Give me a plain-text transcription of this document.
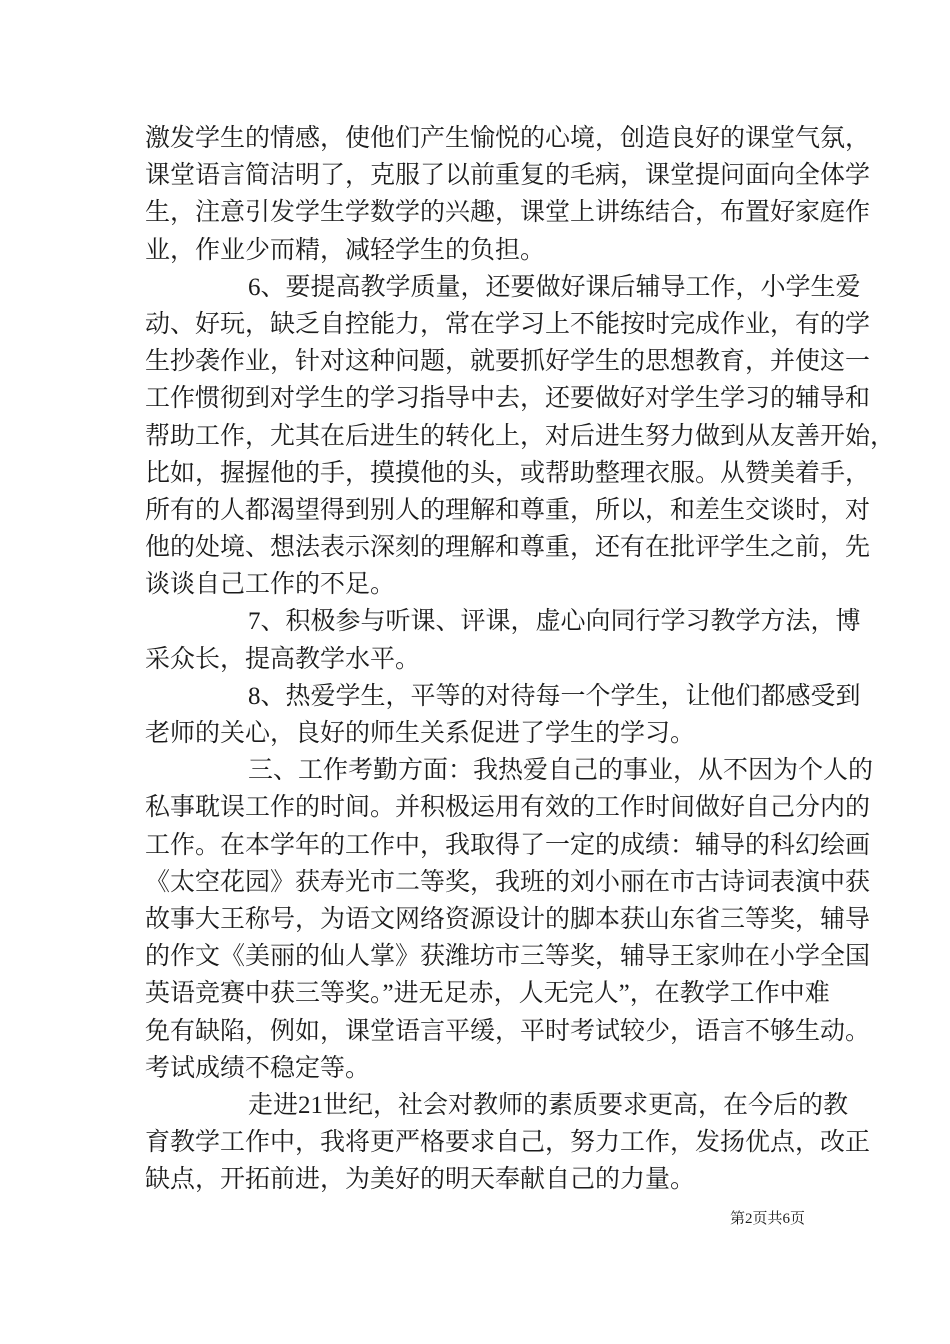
激发学生的情感，使他们产生愉悦的心境，创造良好的课堂气氛，
课堂语言简洁明了，克服了以前重复的毛病，课堂提问面向全体学
生，注意引发学生学数学的兴趣，课堂上讲练结合，布置好家庭作
业，作业少而精，减轻学生的负担。
6、要提高教学质量，还要做好课后辅导工作，小学生爱
动、好玩，缺乏自控能力，常在学习上不能按时完成作业，有的学
生抄袭作业，针对这种问题，就要抓好学生的思想教育，并使这一
工作惯彻到对学生的学习指导中去，还要做好对学生学习的辅导和
帮助工作，尤其在后进生的转化上，对后进生努力做到从友善开始，
比如，握握他的手，摸摸他的头，或帮助整理衣服。从赞美着手，
所有的人都渴望得到别人的理解和尊重，所以，和差生交谈时，对
他的处境、想法表示深刻的理解和尊重，还有在批评学生之前，先
谈谈自己工作的不足。
7、积极参与听课、评课，虚心向同行学习教学方法，博
采众长，提高教学水平。
8、热爱学生，平等的对待每一个学生，让他们都感受到
老师的关心，良好的师生关系促进了学生的学习。
三、工作考勤方面：我热爱自己的事业，从不因为个人的
私事耽误工作的时间。并积极运用有效的工作时间做好自己分内的
工作。在本学年的工作中，我取得了一定的成绩：辅导的科幻绘画
《太空花园》获寿光市二等奖，我班的刘小丽在市古诗词表演中获
故事大王称号，为语文网络资源设计的脚本获山东省三等奖，辅导
的作文《美丽的仙人掌》获潍坊市三等奖，辅导王家帅在小学全国
英语竞赛中获三等奖。”进无足赤，人无完人”，在教学工作中难
免有缺陷，例如，课堂语言平缓，平时考试较少，语言不够生动。
考试成绩不稳定等。
走进21世纪，社会对教师的素质要求更高，在今后的教
育教学工作中，我将更严格要求自己，努力工作，发扬优点，改正
缺点，开拓前进，为美好的明天奉献自己的力量。
第2页共6页
